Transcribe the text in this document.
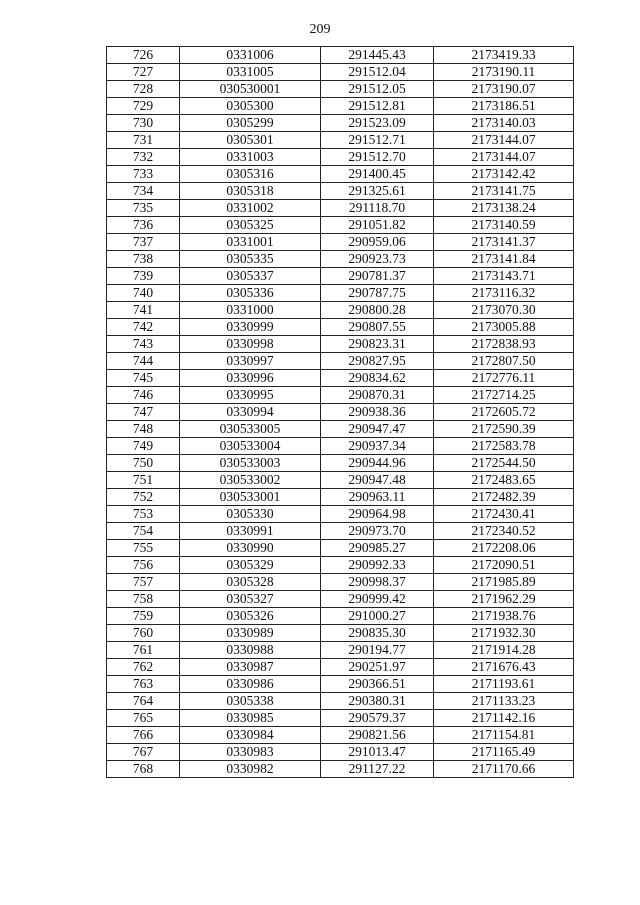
209
726	0331006	291445.43	2173419.33
727	0331005	291512.04	2173190.11
728	030530001	291512.05	2173190.07
729	0305300	291512.81	2173186.51
730	0305299	291523.09	2173140.03
731	0305301	291512.71	2173144.07
732	0331003	291512.70	2173144.07
733	0305316	291400.45	2173142.42
734	0305318	291325.61	2173141.75
735	0331002	291118.70	2173138.24
736	0305325	291051.82	2173140.59
737	0331001	290959.06	2173141.37
738	0305335	290923.73	2173141.84
739	0305337	290781.37	2173143.71
740	0305336	290787.75	2173116.32
741	0331000	290800.28	2173070.30
742	0330999	290807.55	2173005.88
743	0330998	290823.31	2172838.93
744	0330997	290827.95	2172807.50
745	0330996	290834.62	2172776.11
746	0330995	290870.31	2172714.25
747	0330994	290938.36	2172605.72
748	030533005	290947.47	2172590.39
749	030533004	290937.34	2172583.78
750	030533003	290944.96	2172544.50
751	030533002	290947.48	2172483.65
752	030533001	290963.11	2172482.39
753	0305330	290964.98	2172430.41
754	0330991	290973.70	2172340.52
755	0330990	290985.27	2172208.06
756	0305329	290992.33	2172090.51
757	0305328	290998.37	2171985.89
758	0305327	290999.42	2171962.29
759	0305326	291000.27	2171938.76
760	0330989	290835.30	2171932.30
761	0330988	290194.77	2171914.28
762	0330987	290251.97	2171676.43
763	0330986	290366.51	2171193.61
764	0305338	290380.31	2171133.23
765	0330985	290579.37	2171142.16
766	0330984	290821.56	2171154.81
767	0330983	291013.47	2171165.49
768	0330982	291127.22	2171170.66
